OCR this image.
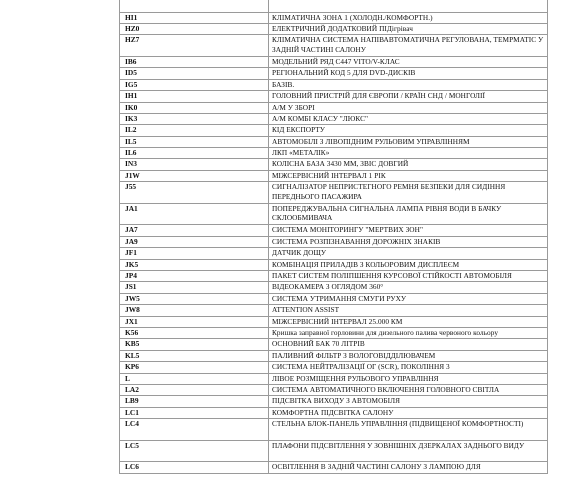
HI1	КЛІМАТИЧНА ЗОНА 1 (ХОЛОДН./КОМФОРТН.)
HZ0	ЕЛЕКТРИЧНИЙ ДОДАТКОВИЙ ПІДігрівач
HZ7	КЛІМАТИЧНА СИСТЕМА НАПІВАВТОМАТИЧНА РЕГУЛОВАНА, TEMPMATIC У ЗАДНІЙ ЧАСТИНІ САЛОНУ
IB6	МОДЕЛЬНИЙ РЯД C447 VITO/V-КЛАС
ID5	РЕГІОНАЛЬНИЙ КОД 5 ДЛЯ DVD-ДИСКІВ
IG5	БАЗІВ.
IH1	ГОЛОВНИЙ ПРИСТРІЙ ДЛЯ ЄВРОПИ / КРАЇН СНД / МОНГОЛІЇ
IK0	А/М У ЗБОРІ
IK3	А/М КОМБІ КЛАСУ "ЛЮКС"
IL2	КІД ЕКСПОРТУ
IL5	АВТОМОБІЛІ З ЛІВОПІДНИМ РУЛЬОВИМ УПРАВЛІННЯМ
IL6	ЛКП «МЕТАЛІК»
IN3	КОЛІСНА БАЗА 3430 ММ, ЗВІС ДОВГИЙ
J1W	МІЖСЕРВІСНИЙ ІНТЕРВАЛ 1 РІК
J55	СИГНАЛІЗАТОР НЕПРИСТЕГНОГО РЕМНЯ БЕЗПЕКИ ДЛЯ СИДІННЯ ПЕРЕДНЬОГО ПАСАЖИРА
JA1	ПОПЕРЕДЖУВАЛЬНА СИГНАЛЬНА ЛАМПА РІВНЯ ВОДИ В БАЧКУ СКЛООБМИВАЧА
JA7	СИСТЕМА МОНІТОРИНГУ "МЕРТВИХ ЗОН"
JA9	СИСТЕМА РОЗПІЗНАВАННЯ ДОРОЖНІХ ЗНАКІВ
JF1	ДАТЧИК ДОЩУ
JK5	КОМБІНАЦІЯ ПРИЛАДІВ З КОЛЬОРОВИМ ДИСПЛЕЄМ
JP4	ПАКЕТ СИСТЕМ ПОЛІПШЕННЯ КУРСОВОЇ СТІЙКОСТІ АВТОМОБІЛЯ
JS1	ВІДЕОКАМЕРА З ОГЛЯДОМ 360°
JW5	СИСТЕМА УТРИМАННЯ СМУГИ РУХУ
JW8	ATTENTION ASSIST
JX1	МІЖСЕРВІСНИЙ ІНТЕРВАЛ 25.000 КМ
K56	Кришка заправної горловини для дизельного палива червоного кольору
KB5	ОСНОВНИЙ БАК 70 ЛІТРІВ
KL5	ПАЛИВНИЙ ФІЛЬТР З ВОЛОГОВІДДІЛЮВАЧЕМ
KP6	СИСТЕМА НЕЙТРАЛІЗАЦІЇ ОГ (SCR), ПОКОЛІННЯ 3
L	ЛІВОЕ РОЗМІЩЕННЯ РУЛЬОВОГО УПРАВЛІННЯ
LA2	СИСТЕМА АВТОМАТИЧНОГО ВКЛЮЧЕННЯ ГОЛОВНОГО СВІТЛА
LB9	ПІДСВІТКА ВИХОДУ З АВТОМОБІЛЯ
LC1	КОМФОРТНА ПІДСВІТКА САЛОНУ
LC4	СТЕЛЬНА БЛОК-ПАНЕЛЬ УПРАВЛІННЯ (ПІДВИЩЕНОЇ КОМФОРТНОСТІ)
LC5	ПЛАФОНИ ПІДСВІТЛЕННЯ У ЗОВНІШНІХ ДЗЕРКАЛАХ ЗАДНЬОГО ВИДУ
LC6	ОСВІТЛЕННЯ В ЗАДНІЙ ЧАСТИНІ САЛОНУ З ЛАМПОЮ ДЛЯ
